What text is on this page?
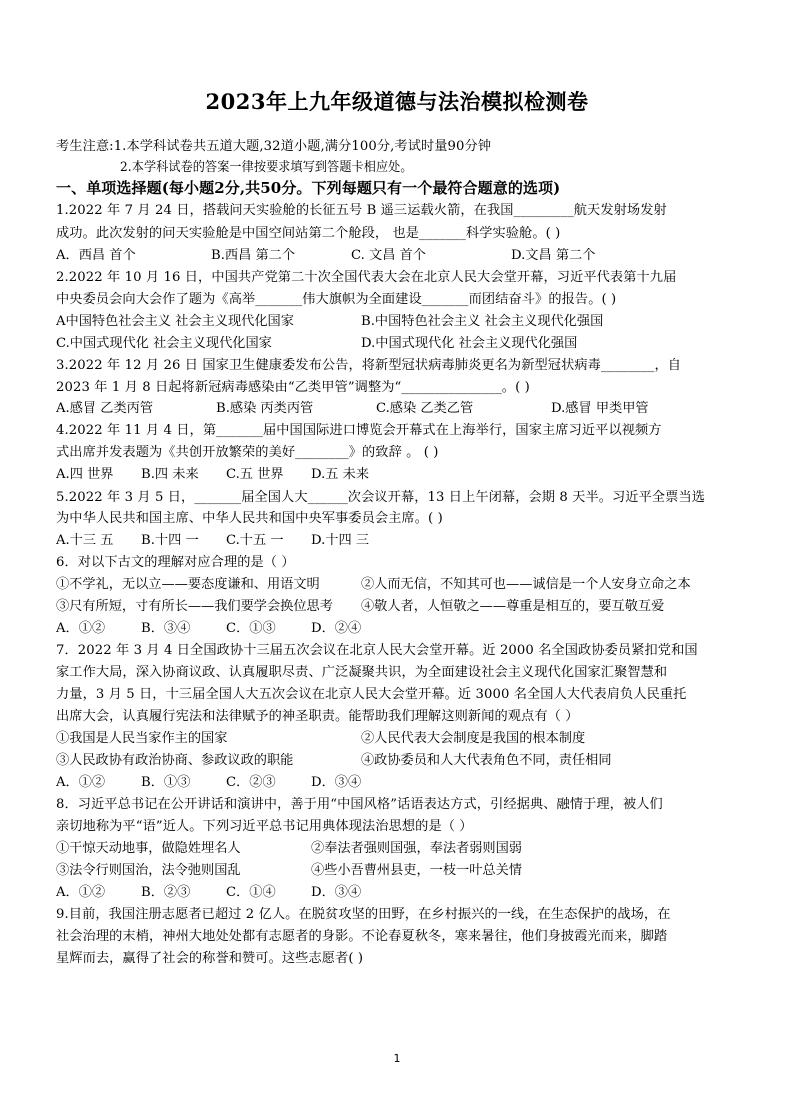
2023年上九年级道德与法治模拟检测卷
考生注意:1.本学科试卷共五道大题,32道小题,满分100分,考试时量90分钟
2.本学科试卷的答案一律按要求填写到答题卡相应处。
一、单项选择题(每小题2分,共50分。下列每题只有一个最符合题意的选项)
1.2022 年 7 月 24 日，搭载问天实验舱的长征五号 B 遥三运载火箭，在我国_________航天发射场发射
成功。此次发射的问天实验舱是中国空间站第二个舱段， 也是_______科学实验舱。( )
A．西昌 首个	B.西昌 第二个	C. 文昌 首个	D.文昌 第二个
2.2022 年 10 月 16 日，中国共产党第二十次全国代表大会在北京人民大会堂开幕，习近平代表第十九届
中央委员会向大会作了题为《高举_______伟大旗帜为全面建设_______而团结奋斗》的报告。( )
A中国特色社会主义 社会主义现代化国家	B.中国特色社会主义 社会主义现代化强国
C.中国式现代化 社会主义现代化国家	D.中国式现代化 社会主义现代化强国
3.2022 年 12 月 26 日 国家卫生健康委发布公告，将新型冠状病毒肺炎更名为新型冠状病毒________，自
2023 年 1 月 8 日起将新冠病毒感染由“乙类甲管”调整为“_______________。( )
A.感冒 乙类丙管	B.感染 丙类丙管	C.感染 乙类乙管	D.感冒 甲类甲管
4.2022 年 11 月 4 日，第_______届中国国际进口博览会开幕式在上海举行，国家主席习近平以视频方
式出席并发表题为《共创开放繁荣的美好________》的致辞 。 ( )
A.四 世界 B.四 未来 C.五 世界 D.五 未来
5.2022 年 3 月 5 日，_______届全国人大______次会议开幕，13 日上午闭幕，会期 8 天半。习近平全票当选
为中华人民共和国主席、中华人民共和国中央军事委员会主席。( )
A.十三 五 B.十四 一 C.十五 一 D.十四 三
6．对以下古文的理解对应合理的是（ ）
①不学礼，无以立——要态度谦和、用语文明	②人而无信，不知其可也——诚信是一个人安身立命之本
③尺有所短，寸有所长——我们要学会换位思考 ④敬人者，人恒敬之——尊重是相互的，要互敬互爱
A．①②	B．③④	C．①③	D．②④
7．2022 年 3 月 4 日全国政协十三届五次会议在北京人民大会堂开幕。近 2000 名全国政协委员紧扣党和国
家工作大局，深入协商议政、认真履职尽责、广泛凝聚共识，为全面建设社会主义现代化国家汇聚智慧和
力量，3 月 5 日，十三届全国人大五次会议在北京人民大会堂开幕。近 3000 名全国人大代表肩负人民重托
出席大会，认真履行宪法和法律赋予的神圣职责。能帮助我们理解这则新闻的观点有（ ）
①我国是人民当家作主的国家	②人民代表大会制度是我国的根本制度
③人民政协有政治协商、参政议政的职能	④政协委员和人大代表角色不同，责任相同
A．①②	B．①③	C．②③	D．③④
8．习近平总书记在公开讲话和演讲中，善于用“中国风格”话语表达方式，引经据典、融情于理，被人们
亲切地称为平“语”近人。下列习近平总书记用典体现法治思想的是（ ）
①干惊天动地事，做隐姓埋名人	②奉法者强则国强，奉法者弱则国弱
③法令行则国治，法令弛则国乱	④些小吾曹州县吏，一枝一叶总关情
A．①②	B．②③	C．①④	D．③④
9.目前，我国注册志愿者已超过 2 亿人。在脱贫攻坚的田野，在乡村振兴的一线，在生态保护的战场，在
社会治理的末梢，神州大地处处都有志愿者的身影。不论春夏秋冬，寒来暑往，他们身披霞光而来，脚踏
星辉而去，赢得了社会的称誉和赞可。这些志愿者( )
1
